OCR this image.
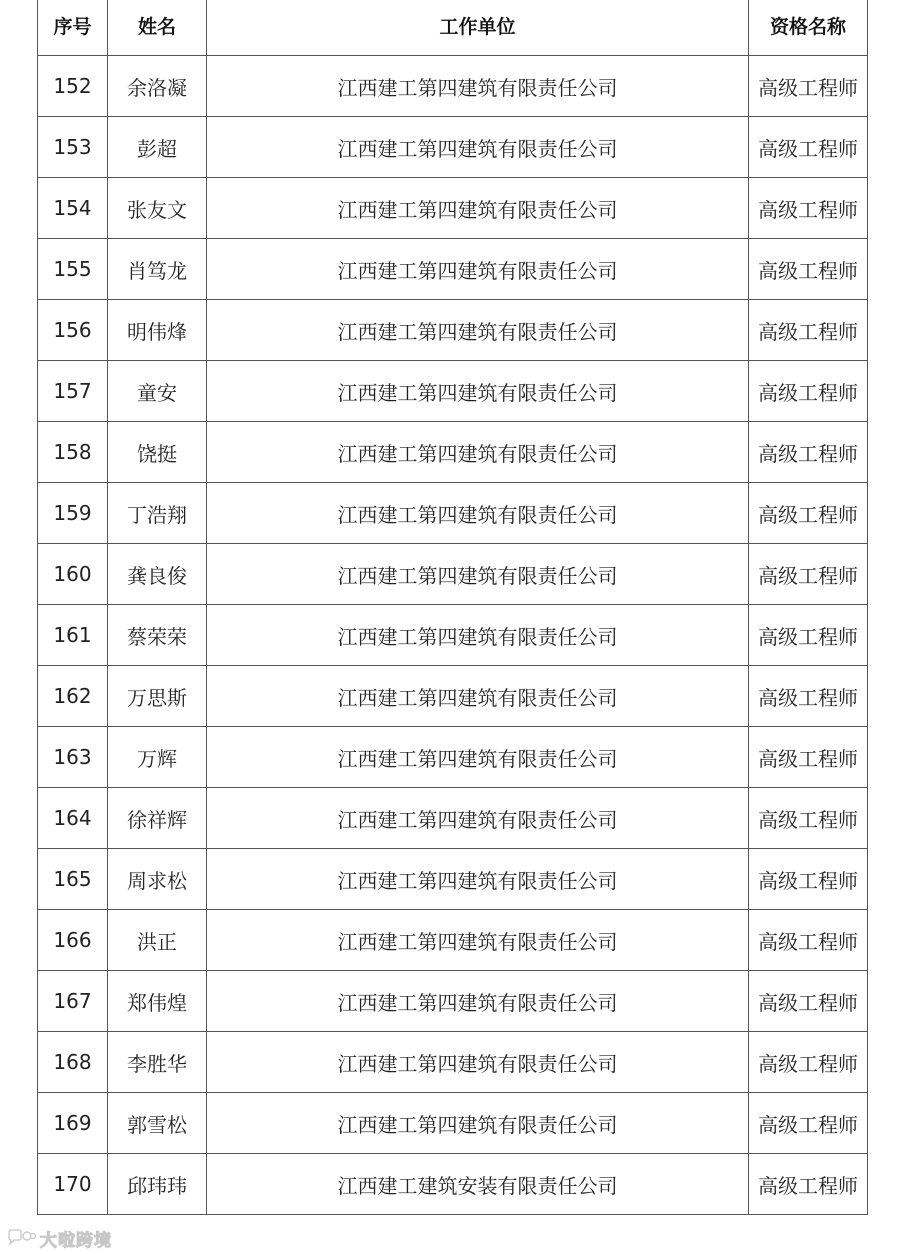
序号	姓名	工作单位	资格名称
152	余洛凝	江西建工第四建筑有限责任公司	高级工程师
153	彭超	江西建工第四建筑有限责任公司	高级工程师
154	张友文	江西建工第四建筑有限责任公司	高级工程师
155	肖笃龙	江西建工第四建筑有限责任公司	高级工程师
156	明伟烽	江西建工第四建筑有限责任公司	高级工程师
157	童安	江西建工第四建筑有限责任公司	高级工程师
158	饶挺	江西建工第四建筑有限责任公司	高级工程师
159	丁浩翔	江西建工第四建筑有限责任公司	高级工程师
160	龚良俊	江西建工第四建筑有限责任公司	高级工程师
161	蔡荣荣	江西建工第四建筑有限责任公司	高级工程师
162	万思斯	江西建工第四建筑有限责任公司	高级工程师
163	万辉	江西建工第四建筑有限责任公司	高级工程师
164	徐祥辉	江西建工第四建筑有限责任公司	高级工程师
165	周求松	江西建工第四建筑有限责任公司	高级工程师
166	洪正	江西建工第四建筑有限责任公司	高级工程师
167	郑伟煌	江西建工第四建筑有限责任公司	高级工程师
168	李胜华	江西建工第四建筑有限责任公司	高级工程师
169	郭雪松	江西建工第四建筑有限责任公司	高级工程师
170	邱玮玮	江西建工建筑安装有限责任公司	高级工程师
大啦跨境
